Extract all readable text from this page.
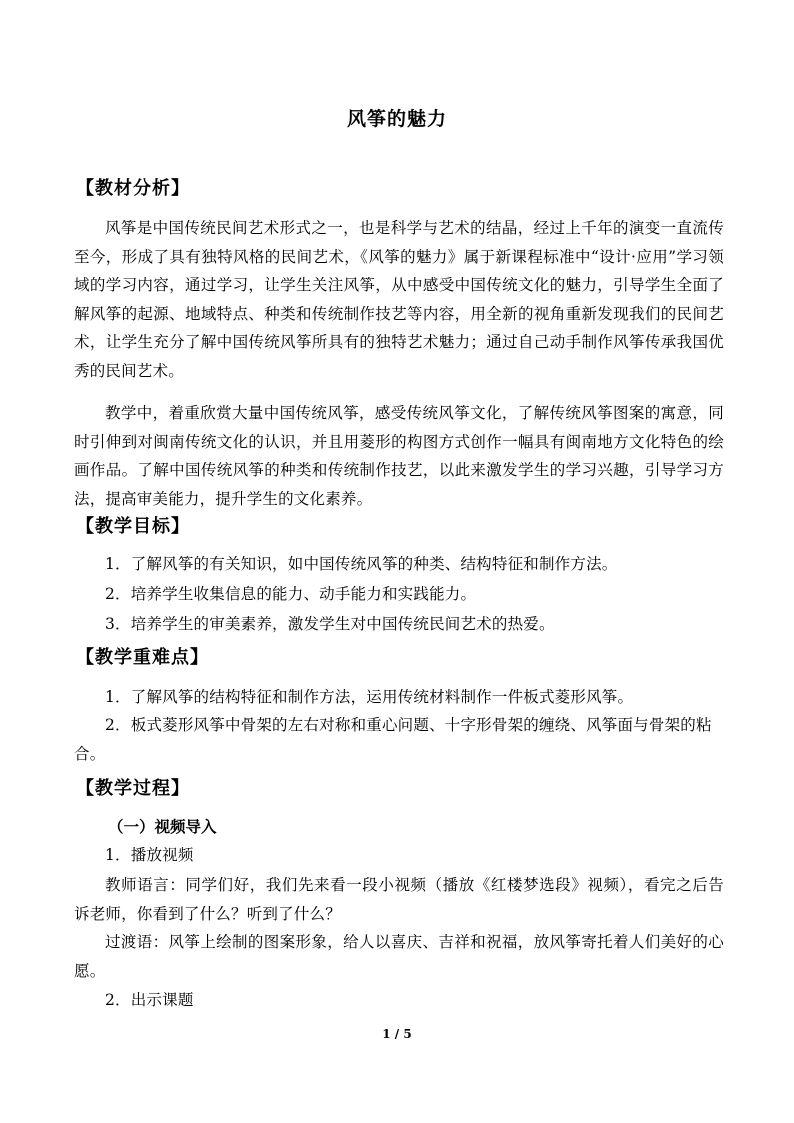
风筝的魅力
【教材分析】
风筝是中国传统民间艺术形式之一，也是科学与艺术的结晶，经过上千年的演变一直流传至今，形成了具有独特风格的民间艺术，《风筝的魅力》属于新课程标准中“设计·应用”学习领域的学习内容，通过学习，让学生关注风筝，从中感受中国传统文化的魅力，引导学生全面了解风筝的起源、地域特点、种类和传统制作技艺等内容，用全新的视角重新发现我们的民间艺术，让学生充分了解中国传统风筝所具有的独特艺术魅力；通过自己动手制作风筝传承我国优秀的民间艺术。
教学中，着重欣赏大量中国传统风筝，感受传统风筝文化，了解传统风筝图案的寓意，同时引伸到对闽南传统文化的认识，并且用菱形的构图方式创作一幅具有闽南地方文化特色的绘画作品。了解中国传统风筝的种类和传统制作技艺，以此来激发学生的学习兴趣，引导学习方法，提高审美能力，提升学生的文化素养。
【教学目标】
1．了解风筝的有关知识，如中国传统风筝的种类、结构特征和制作方法。
2．培养学生收集信息的能力、动手能力和实践能力。
3．培养学生的审美素养，激发学生对中国传统民间艺术的热爱。
【教学重难点】
1．了解风筝的结构特征和制作方法，运用传统材料制作一件板式菱形风筝。
2．板式菱形风筝中骨架的左右对称和重心问题、十字形骨架的缠绕、风筝面与骨架的粘合。
【教学过程】
（一）视频导入
1．播放视频
教师语言：同学们好，我们先来看一段小视频（播放《红楼梦选段》视频），看完之后告诉老师，你看到了什么？听到了什么？
过渡语：风筝上绘制的图案形象，给人以喜庆、吉祥和祝福，放风筝寄托着人们美好的心愿。
2．出示课题
1 / 5
